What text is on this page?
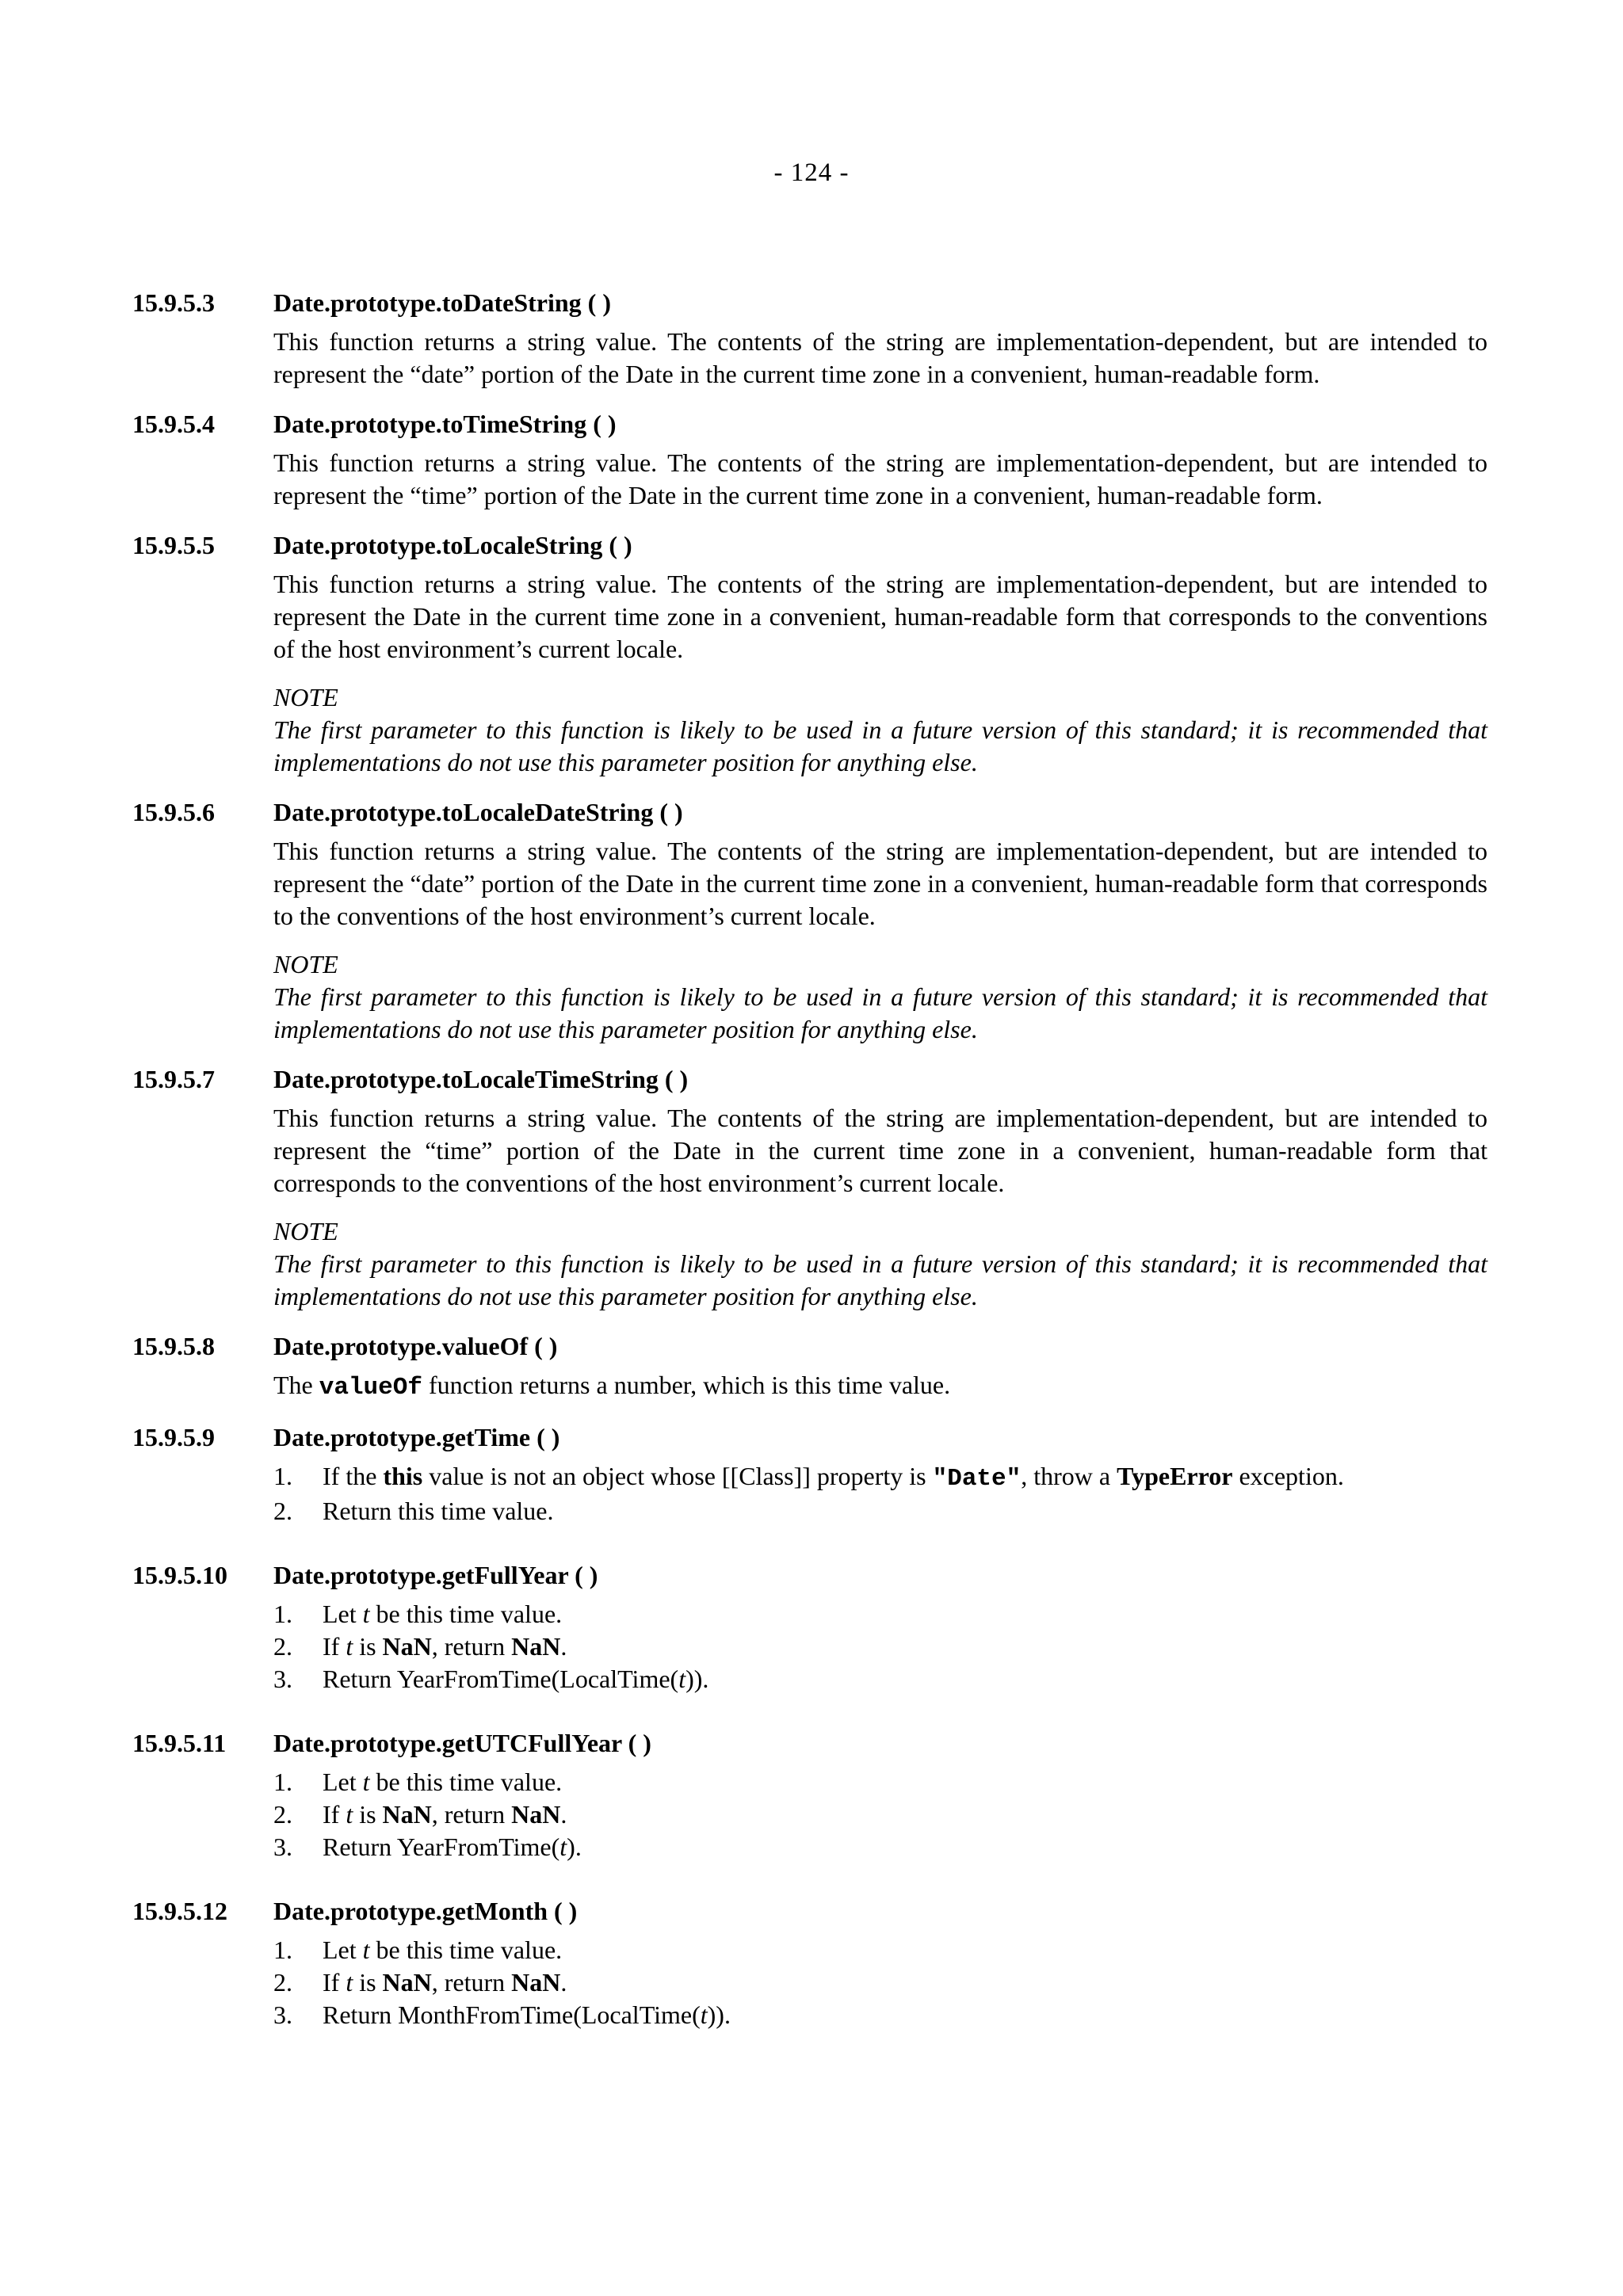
- 124 -
15.9.5.3	Date.prototype.toDateString ( )

This function returns a string value. The contents of the string are implementation-dependent, but are intended to represent the “date” portion of the Date in the current time zone in a convenient, human-readable form.

15.9.5.4	Date.prototype.toTimeString ( )

This function returns a string value. The contents of the string are implementation-dependent, but are intended to represent the “time” portion of the Date in the current time zone in a convenient, human-readable form.

15.9.5.5	Date.prototype.toLocaleString ( )

This function returns a string value. The contents of the string are implementation-dependent, but are intended to represent the Date in the current time zone in a convenient, human-readable form that corresponds to the conventions of the host environment’s current locale.

NOTE
The first parameter to this function is likely to be used in a future version of this standard; it is recommended that implementations do not use this parameter position for anything else.
15.9.5.6	Date.prototype.toLocaleDateString ( )

This function returns a string value. The contents of the string are implementation-dependent, but are intended to represent the “date” portion of the Date in the current time zone in a convenient, human-readable form that corresponds to the conventions of the host environment’s current locale.

NOTE
The first parameter to this function is likely to be used in a future version of this standard; it is recommended that implementations do not use this parameter position for anything else.
15.9.5.7	Date.prototype.toLocaleTimeString ( )

This function returns a string value. The contents of the string are implementation-dependent, but are intended to represent the “time” portion of the Date in the current time zone in a convenient, human-readable form that corresponds to the conventions of the host environment’s current locale.

NOTE
The first parameter to this function is likely to be used in a future version of this standard; it is recommended that implementations do not use this parameter position for anything else.
15.9.5.8	Date.prototype.valueOf ( )

The valueOf function returns a number, which is this time value.

15.9.5.9	Date.prototype.getTime ( )
1. If the this value is not an object whose [[Class]] property is "Date", throw a TypeError exception.
2. Return this time value.
15.9.5.10	Date.prototype.getFullYear ( )
1. Let t be this time value.
2. If t is NaN, return NaN.
3. Return YearFromTime(LocalTime(t)).
15.9.5.11	Date.prototype.getUTCFullYear ( )
1. Let t be this time value.
2. If t is NaN, return NaN.
3. Return YearFromTime(t).
15.9.5.12	Date.prototype.getMonth ( )
1. Let t be this time value.
2. If t is NaN, return NaN.
3. Return MonthFromTime(LocalTime(t)).
